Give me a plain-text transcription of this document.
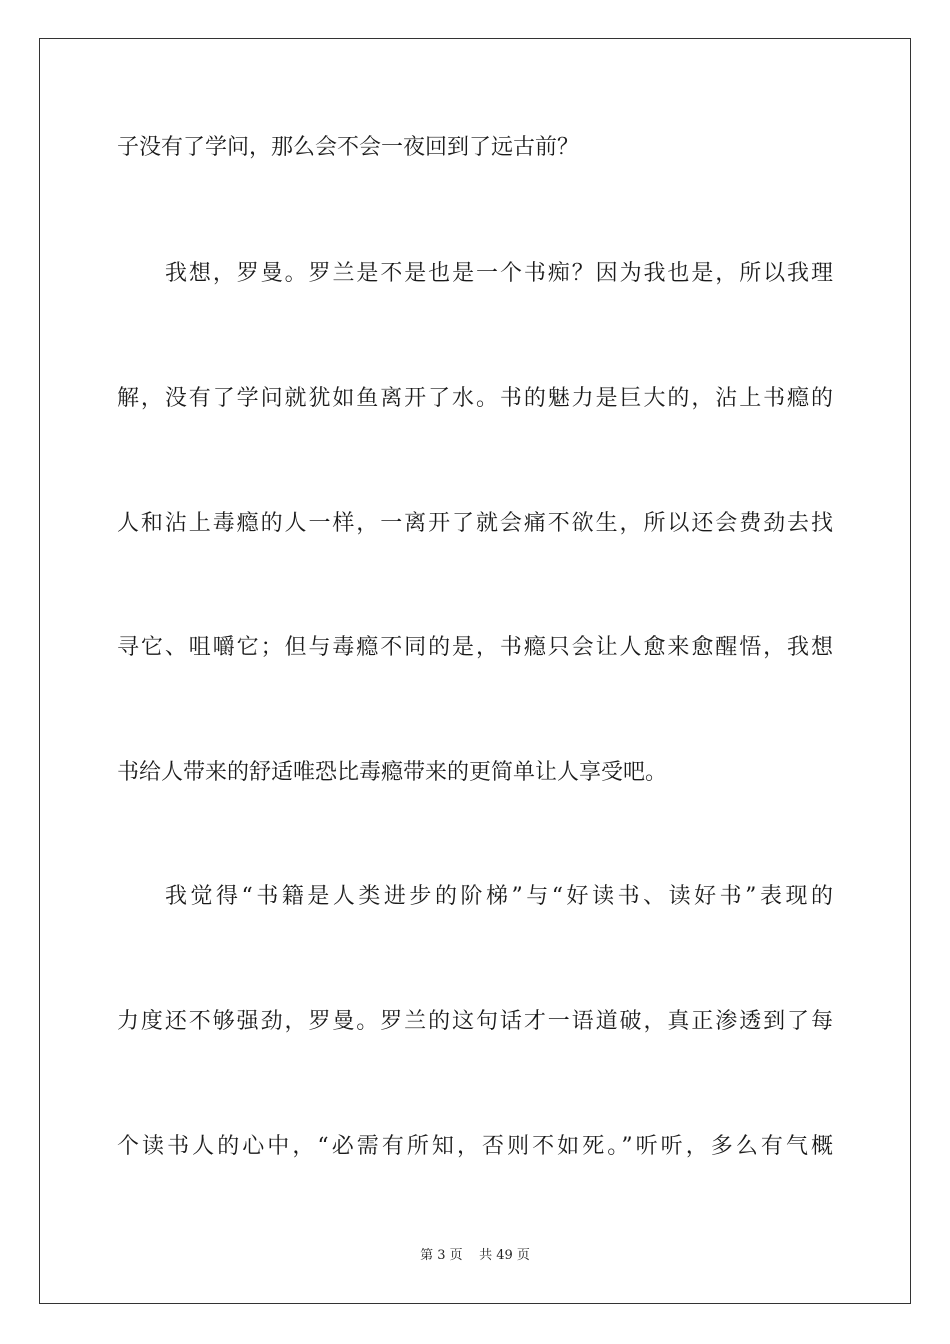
子没有了学问，那么会不会一夜回到了远古前？
我想，罗曼。罗兰是不是也是一个书痴？因为我也是，所以我理
解，没有了学问就犹如鱼离开了水。书的魅力是巨大的，沾上书瘾的
人和沾上毒瘾的人一样，一离开了就会痛不欲生，所以还会费劲去找
寻它、咀嚼它；但与毒瘾不同的是，书瘾只会让人愈来愈醒悟，我想
书给人带来的舒适唯恐比毒瘾带来的更简单让人享受吧。
我觉得“书籍是人类进步的阶梯”与“好读书、读好书”表现的
力度还不够强劲，罗曼。罗兰的这句话才一语道破，真正渗透到了每
个读书人的心中，“必需有所知，否则不如死。”听听，多么有气概
第 3 页    共 49 页
